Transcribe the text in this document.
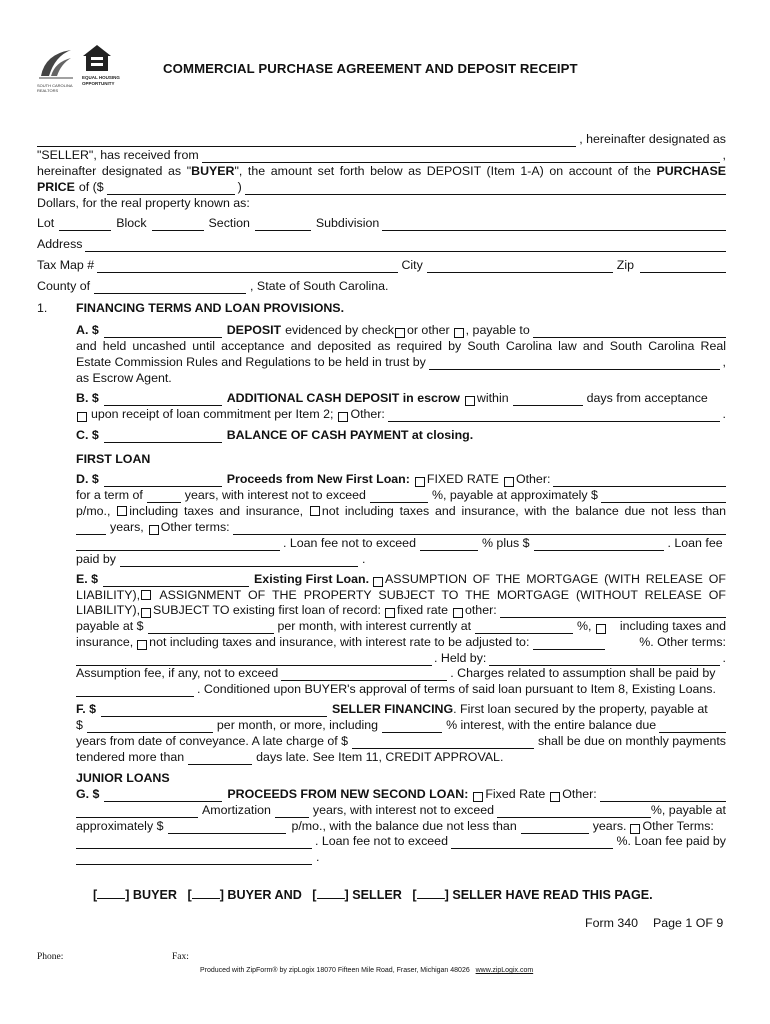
SOUTH CAROLINA REALTORS
EQUAL HOUSING OPPORTUNITY
COMMERCIAL PURCHASE AGREEMENT AND DEPOSIT RECEIPT
, hereinafter designated as
"SELLER", has received from	,
hereinafter designated as "BUYER", the amount set forth below as DEPOSIT (Item 1-A) on account of the PURCHASE
PRICE of ($	)
Dollars, for the real property known as:
Lot	Block	Section	Subdivision
Address
Tax Map #	City	Zip
County of	, State of South Carolina.
1. FINANCING TERMS AND LOAN PROVISIONS.
A. $	DEPOSIT evidenced by check or other , payable to
and held uncashed until acceptance and deposited as required by South Carolina law and South Carolina Real
Estate Commission Rules and Regulations to be held in trust by	,
as Escrow Agent.
B. $	ADDITIONAL CASH DEPOSIT in escrow within	days from acceptance
upon receipt of loan commitment per Item 2; Other:	.
C. $	BALANCE OF CASH PAYMENT at closing.
FIRST LOAN
D. $	Proceeds from New First Loan: FIXED RATE Other:
for a term of	years, with interest not to exceed	%, payable at approximately $
p/mo., including taxes and insurance, not including taxes and insurance, with the balance due not less than
years, Other terms:
. Loan fee not to exceed	% plus $	. Loan fee
paid by	.
E. $	Existing First Loan. ASSUMPTION OF THE MORTGAGE (WITH RELEASE OF
LIABILITY), ASSIGNMENT OF THE PROPERTY SUBJECT TO THE MORTGAGE (WITHOUT RELEASE OF
LIABILITY), SUBJECT TO existing first loan of record: fixed rate other:
payable at $	per month, with interest currently at	%,	including taxes and
insurance, not including taxes and insurance, with interest rate to be adjusted to:	%. Other terms:
. Held by:	.
Assumption fee, if any, not to exceed	. Charges related to assumption shall be paid by
. Conditioned upon BUYER's approval of terms of said loan pursuant to Item 8, Existing Loans.
F. $	SELLER FINANCING . First loan secured by the property, payable at
$	per month, or more, including	% interest, with the entire balance due
years from date of conveyance. A late charge of $	shall be due on monthly payments
tendered more than	days late. See Item 11, CREDIT APPROVAL.
JUNIOR LOANS
G. $	PROCEEDS FROM NEW SECOND LOAN: Fixed Rate Other:
Amortization	years, with interest not to exceed	%, payable at
approximately $	p/mo., with the balance due not less than	years. Other Terms:
. Loan fee not to exceed	%. Loan fee paid by
.
[ ] BUYER   [ ] BUYER AND   [ ] SELLER   [ ] SELLER HAVE READ THIS PAGE.
Form 340 Page 1 OF 9
Phone:	Fax:
Produced with ZipForm® by zipLogix 18070 Fifteen Mile Road, Fraser, Michigan 48026 www.zipLogix.com
